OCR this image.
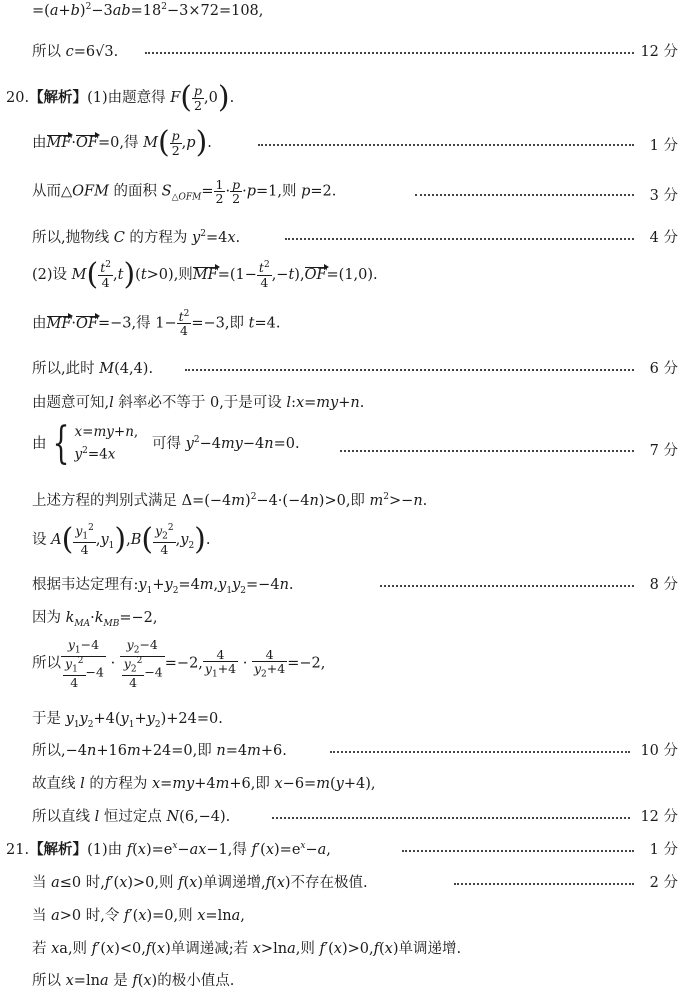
$=(a+b)^2-3ab=18^2-3\times 72=108$,
所以 c=6√3.	12 分
20.【解析】(1)由题意得 $F( \frac{p}{2} ,0)$.
由MF·OF=0,得 $M( \frac{p}{2} ,p)$.	1 分
从而△OFM 的面积 $S_{\triangle OFM}= \frac{1}{2} \cdot \frac{p}{2} \cdot p=1$,则 p=2.	3 分
所以,抛物线 C 的方程为 $y^2=4x$.	4 分
(2)设 $M( \frac{t^2}{4} ,t)(t>0)$,则$MF=(1- \frac{t^2}{4} ,-t),OF=(1,0)$.
由MF·OF=−3,得 $1- \frac{t^2}{4} =-3$,即 t=4.
所以,此时 M(4,4).	6 分
由题意可知,l 斜率必不等于 0,于是可设 l:x=my+n.
由 { x=my+n,
$y^2=4x$   可得 $y^2-4my-4n=0$.	7 分
上述方程的判别式满足 $\Delta=(-4m)^2-4\cdot(-4n)>0$,即 $m^2>-n$.
设 $A( \frac{y_1^2}{4} ,y_1),B( \frac{y_2^2}{4} ,y_2)$.
根据韦达定理有$:y_1+y_2=4m,y_1y_2=-4n$.	8 分
因为 $k_{MA}\cdot k_{MB}=-2$,
所以 $\frac{y_1-4}{\frac{y_1^2}{4} -4} \cdot \frac{y_2-4}{\frac{y_2^2}{4} -4} =-2$, $\frac{4}{y_1+4} \cdot \frac{4}{y_2+4} =-2$,
于是 $y_1y_2+4(y_1+y_2)+24=0$.
所以,−4n+16m+24=0,即 n=4m+6.	10 分
故直线 l 的方程为 x=my+4m+6,即 x−6=m(y+4),
所以直线 l 恒过定点 N(6,−4).	12 分
21.【解析】(1)由 $f(x)=e^x-ax-1$,得 $f'(x)=e^x-a$,	1 分
当 a≤0 时,f′(x)>0,则 f(x)单调递增,f(x)不存在极值.	2 分
当 a>0 时,令 f′(x)=0,则 x=lna,
若 xa,则 f′(x)<0,f(x)单调递减;若 x>lna,则 f′(x)>0,f(x)单调递增.
所以 x=lna 是 f(x)的极小值点.
